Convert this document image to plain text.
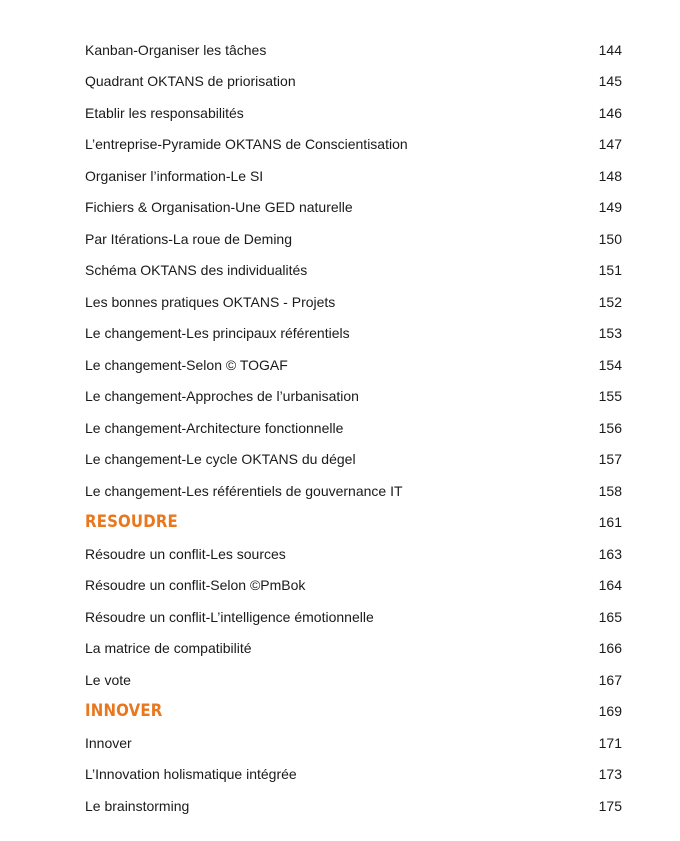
Kanban-Organiser les tâches	144
Quadrant OKTANS de priorisation	145
Etablir les responsabilités	146
L’entreprise-Pyramide OKTANS de Conscientisation	147
Organiser l’information-Le SI	148
Fichiers & Organisation-Une GED naturelle	149
Par Itérations-La roue de Deming	150
Schéma OKTANS des individualités	151
Les bonnes pratiques OKTANS - Projets	152
Le changement-Les principaux référentiels	153
Le changement-Selon © TOGAF	154
Le changement-Approches de l’urbanisation	155
Le changement-Architecture fonctionnelle	156
Le changement-Le cycle OKTANS du dégel	157
Le changement-Les référentiels de gouvernance IT	158
RESOUDRE	161
Résoudre un conflit-Les sources	163
Résoudre un conflit-Selon ©PmBok	164
Résoudre un conflit-L’intelligence émotionnelle	165
La matrice de compatibilité	166
Le vote	167
INNOVER	169
Innover	171
L’Innovation holismatique intégrée	173
Le brainstorming	175
